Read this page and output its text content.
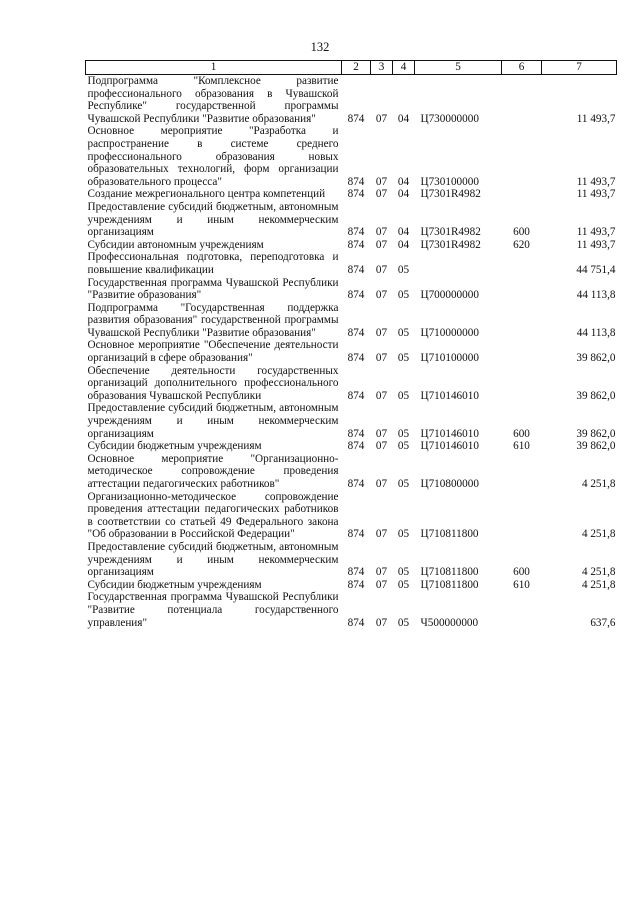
132
1	2	3	4	5	6	7
Подпрограмма "Комплексное развитие профессионального образования в Чувашской Республике" государственной программы Чувашской Республики "Развитие образования"	874	07	04	Ц730000000		11 493,7
Основное мероприятие "Разработка и распространение в системе среднего профессионального образования новых образовательных технологий, форм организации образовательного процесса"	874	07	04	Ц730100000		11 493,7
Создание межрегионального центра компетенций	874	07	04	Ц7301R4982		11 493,7
Предоставление субсидий бюджетным, автономным учреждениям и иным некоммерческим организациям	874	07	04	Ц7301R4982	600	11 493,7
Субсидии автономным учреждениям	874	07	04	Ц7301R4982	620	11 493,7
Профессиональная подготовка, переподготовка и повышение квалификации	874	07	05			44 751,4
Государственная программа Чувашской Республики "Развитие образования"	874	07	05	Ц700000000		44 113,8
Подпрограмма "Государственная поддержка развития образования" государственной программы Чувашской Республики "Развитие образования"	874	07	05	Ц710000000		44 113,8
Основное мероприятие "Обеспечение деятельности организаций в сфере образования"	874	07	05	Ц710100000		39 862,0
Обеспечение деятельности государственных организаций дополнительного профессионального образования Чувашской Республики	874	07	05	Ц710146010		39 862,0
Предоставление субсидий бюджетным, автономным учреждениям и иным некоммерческим организациям	874	07	05	Ц710146010	600	39 862,0
Субсидии бюджетным учреждениям	874	07	05	Ц710146010	610	39 862,0
Основное мероприятие "Организационно-методическое сопровождение проведения аттестации педагогических работников"	874	07	05	Ц710800000		4 251,8
Организационно-методическое сопровождение проведения аттестации педагогических работников в соответствии со статьей 49 Федерального закона "Об образовании в Российской Федерации"	874	07	05	Ц710811800		4 251,8
Предоставление субсидий бюджетным, автономным учреждениям и иным некоммерческим организациям	874	07	05	Ц710811800	600	4 251,8
Субсидии бюджетным учреждениям	874	07	05	Ц710811800	610	4 251,8
Государственная программа Чувашской Республики "Развитие потенциала государственного управления"	874	07	05	Ч500000000		637,6
